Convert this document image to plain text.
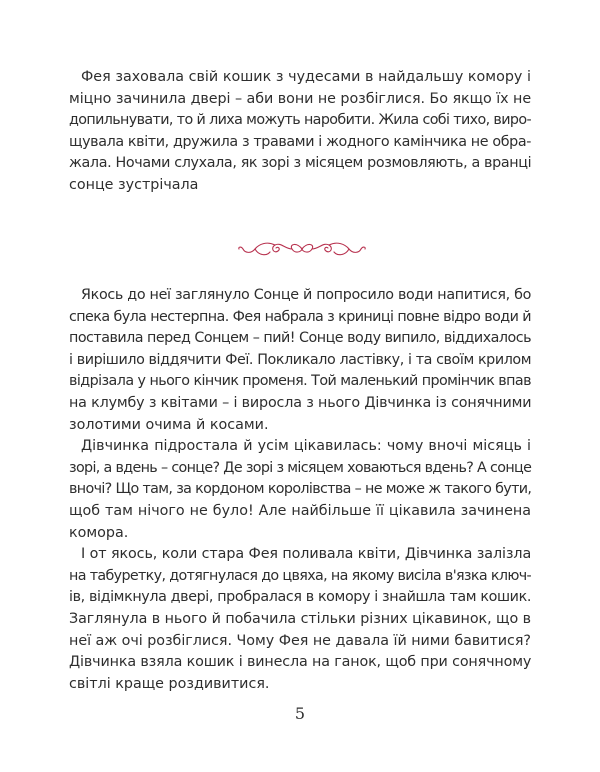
Фея заховала свій кошик з чудесами в найдальшу комору і
міцно зачинила двері – аби вони не розбіглися. Бо якщо їх не
допильнувати, то й лиха можуть наробити. Жила собі тихо, виро-
щувала квіти, дружила з травами і жодного камінчика не обра-
жала. Ночами слухала, як зорі з місяцем розмовляють, а вранці
сонце зустрічала
Якось до неї заглянуло Сонце й попросило води напитися, бо
спека була нестерпна. Фея набрала з криниці повне відро води й
поставила перед Сонцем – пий! Сонце воду випило, віддихалось
і вирішило віддячити Феї. Покликало ластівку, і та своїм крилом
відрізала у нього кінчик променя. Той маленький промінчик впав
на клумбу з квітами – і виросла з нього Дівчинка із сонячними
золотими очима й косами.
Дівчинка підростала й усім цікавилась: чому вночі місяць і
зорі, а вдень – сонце? Де зорі з місяцем ховаються вдень? А сонце
вночі? Що там, за кордоном королівства – не може ж такого бути,
щоб там нічого не було! Але найбільше її цікавила зачинена
комора.
І от якось, коли стара Фея поливала квіти, Дівчинка залізла
на табуретку, дотягнулася до цвяха, на якому висіла в'язка ключ-
ів, відімкнула двері, пробралася в комору і знайшла там кошик.
Заглянула в нього й побачила стільки різних цікавинок, що в
неї аж очі розбіглися. Чому Фея не давала їй ними бавитися?
Дівчинка взяла кошик і винесла на ганок, щоб при сонячному
світлі краще роздивитися.
5
